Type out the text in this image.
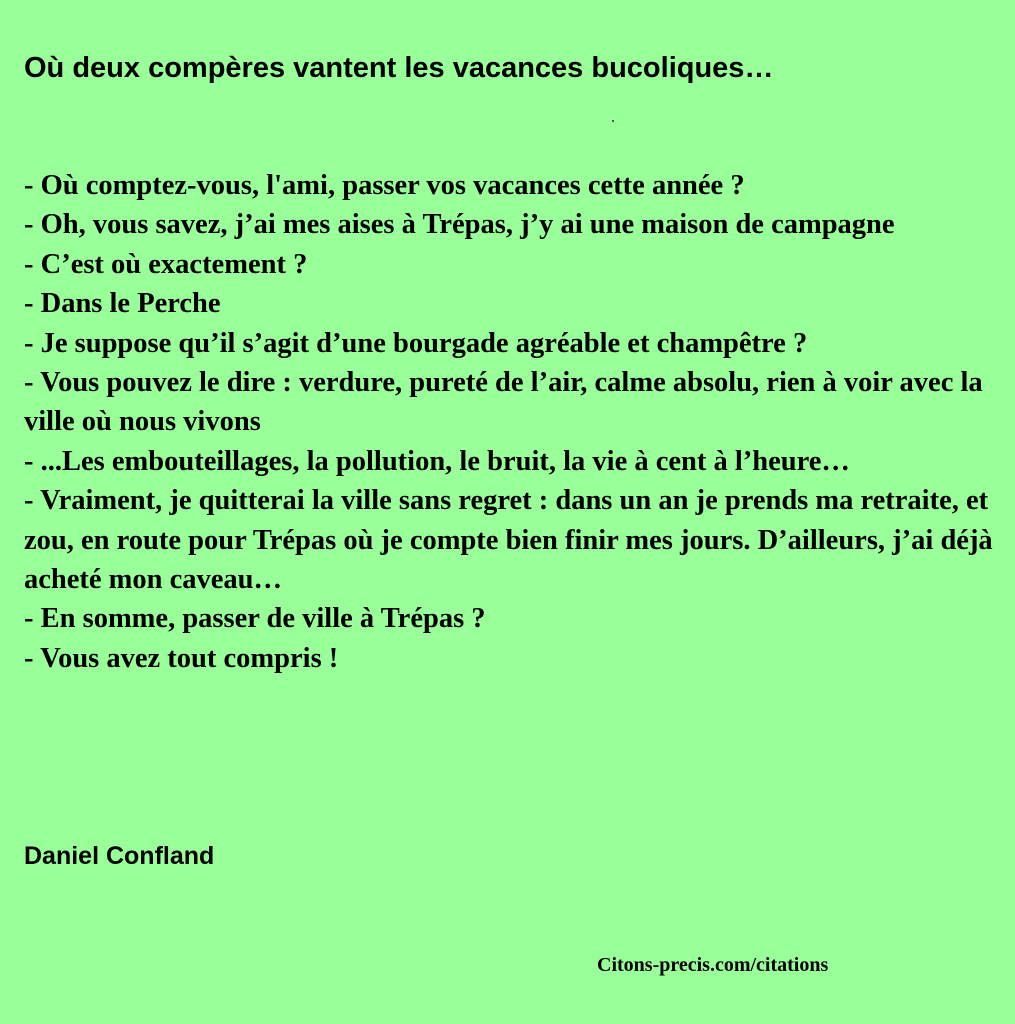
Où deux compères vantent les vacances bucoliques…
- Où comptez-vous, l'ami, passer vos vacances cette année ?
- Oh, vous savez, j’ai mes aises à Trépas, j’y ai une maison de campagne
- C’est où exactement ?
- Dans le Perche
- Je suppose qu’il s’agit d’une bourgade agréable et champêtre ?
- Vous pouvez le dire : verdure, pureté de l’air, calme absolu, rien à voir avec la ville où nous vivons
- ...Les embouteillages, la pollution, le bruit, la vie à cent à l’heure…
- Vraiment, je quitterai la ville sans regret : dans un an je prends ma retraite, et zou, en route pour Trépas où je compte bien finir mes jours. D’ailleurs, j’ai déjà acheté mon caveau…
- En somme, passer de ville à Trépas ?
- Vous avez tout compris !

Daniel Confland

Citons-precis.com/citations
